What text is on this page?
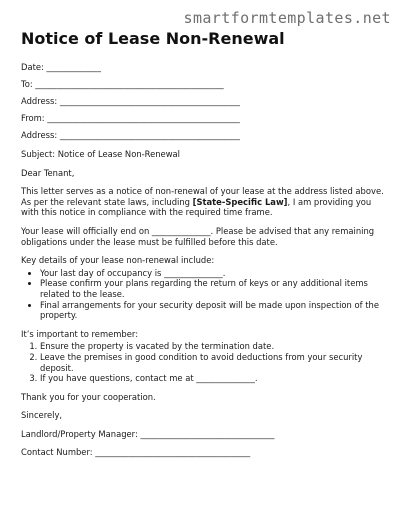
smartformtemplates.net
Notice of Lease Non-Renewal
Date: _____________
To: _____________________________________________
Address: ___________________________________________
From: ______________________________________________
Address: ___________________________________________

Subject: Notice of Lease Non-Renewal

Dear Tenant,

This letter serves as a notice of non-renewal of your lease at the address listed above. As per the relevant state laws, including [State-Specific Law], I am providing you with this notice in compliance with the required time frame.

Your lease will officially end on ______________. Please be advised that any remaining obligations under the lease must be fulfilled before this date.

Key details of your lease non-renewal include:

• Your last day of occupancy is ______________.
• Please confirm your plans regarding the return of keys or any additional items related to the lease.
• Final arrangements for your security deposit will be made upon inspection of the property.

It’s important to remember:

1. Ensure the property is vacated by the termination date.
2. Leave the premises in good condition to avoid deductions from your security deposit.
3. If you have questions, contact me at ______________.

Thank you for your cooperation.

Sincerely,

Landlord/Property Manager: ________________________________

Contact Number: _____________________________________
